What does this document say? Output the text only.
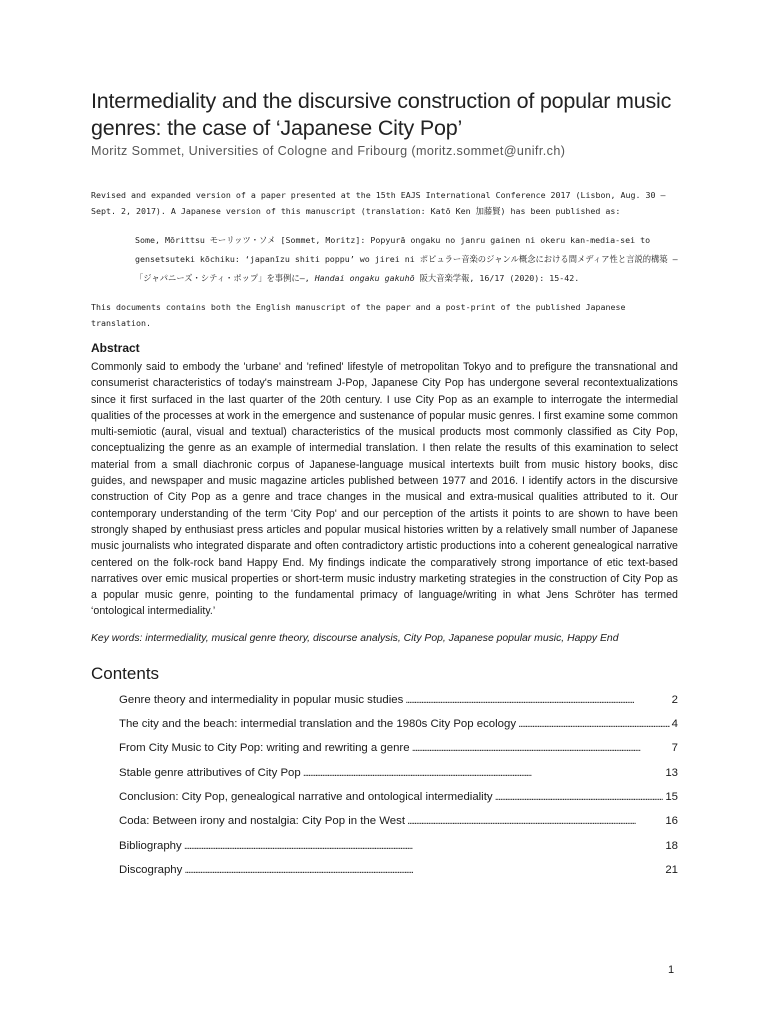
Intermediality and the discursive construction of popular music genres: the case of ‘Japanese City Pop’

Moritz Sommet, Universities of Cologne and Fribourg (moritz.sommet@unifr.ch)

Revised and expanded version of a paper presented at the 15th EAJS International Conference 2017 (Lisbon, Aug. 30 – Sept. 2, 2017). A Japanese version of this manuscript (translation: Katō Ken 加藤賢) has been published as:

Some, Mōrittsu モーリッツ・ソメ [Sommet, Moritz]: Popyurā ongaku no janru gainen ni okeru kan-media-sei to gensetsuteki kōchiku: ‘japanīzu shiti poppu’ wo jirei ni ポピュラー音楽のジャンル概念における間メディア性と言説的構築 ―「ジャパニーズ・シティ・ポップ」を事例に―, Handai ongaku gakuhō 阪大音楽学報, 16/17 (2020): 15-42.

This documents contains both the English manuscript of the paper and a post-print of the published Japanese translation.

Abstract

Commonly said to embody the 'urbane' and 'refined' lifestyle of metropolitan Tokyo and to prefigure the transnational and consumerist characteristics of today's mainstream J-Pop, Japanese City Pop has undergone several recontextualizations since it first surfaced in the last quarter of the 20th century. I use City Pop as an example to interrogate the intermedial qualities of the processes at work in the emergence and sustenance of popular music genres. I first examine some common multi-semiotic (aural, visual and textual) characteristics of the musical products most commonly classified as City Pop, conceptualizing the genre as an example of intermedial translation. I then relate the results of this examination to select material from a small diachronic corpus of Japanese-language musical intertexts built from music history books, disc guides, and newspaper and music magazine articles published between 1977 and 2016. I identify actors in the discursive construction of City Pop as a genre and trace changes in the musical and extra-musical qualities attributed to it. Our contemporary understanding of the term 'City Pop' and our perception of the artists it points to are shown to have been strongly shaped by enthusiast press articles and popular musical histories written by a relatively small number of Japanese music journalists who integrated disparate and often contradictory artistic productions into a coherent genealogical narrative centered on the folk-rock band Happy End. My findings indicate the comparatively strong importance of etic text-based narratives over emic musical properties or short-term music industry marketing strategies in the construction of City Pop as a popular music genre, pointing to the fundamental primacy of language/writing in what Jens Schröter has termed ‘ontological intermediality.’

Key words: intermediality, musical genre theory, discourse analysis, City Pop, Japanese popular music, Happy End

Contents
Genre theory and intermediality in popular music studies . . .	2
The city and the beach: intermedial translation and the 1980s City Pop ecology . . .	4
From City Music to City Pop: writing and rewriting a genre . . .	7
Stable genre attributives of City Pop . . .	13
Conclusion: City Pop, genealogical narrative and ontological intermediality . . .	15
Coda: Between irony and nostalgia: City Pop in the West . . .	16
Bibliography . . .	18
Discography . . .	21
1
